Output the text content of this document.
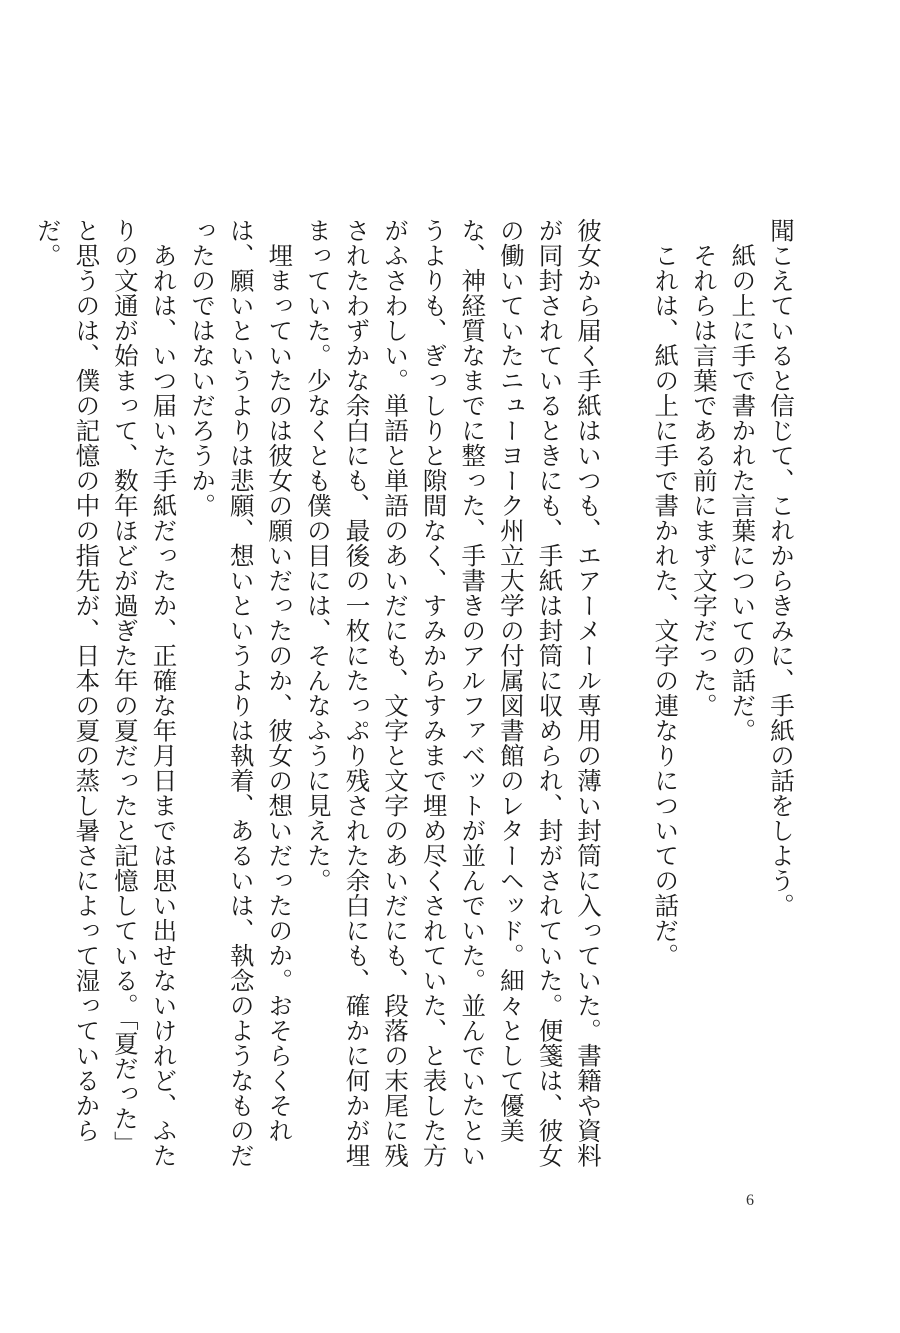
聞こえていると信じて、これからきみに、手紙の話をしよう。

紙の上に手で書かれた言葉についての話だ。

それらは言葉である前にまず文字だった。

これは、紙の上に手で書かれた、文字の連なりについての話だ。

彼女から届く手紙はいつも、エアーメール専用の薄い封筒に入っていた。書籍や資料が同封されているときにも、手紙は封筒に収められ、封がされていた。便箋は、彼女の働いていたニューヨーク州立大学の付属図書館のレターヘッド。細々として優美な、神経質なまでに整った、手書きのアルファベットが並んでいた。並んでいたというよりも、ぎっしりと隙間なく、すみからすみまで埋め尽くされていた、と表した方がふさわしい。単語と単語のあいだにも、文字と文字のあいだにも、段落の末尾に残されたわずかな余白にも、最後の一枚にたっぷり残された余白にも、確かに何かが埋まっていた。少なくとも僕の目には、そんなふうに見えた。

埋まっていたのは彼女の願いだったのか、彼女の想いだったのか。おそらくそれは、願いというよりは悲願、想いというよりは執着、あるいは、執念のようなものだったのではないだろうか。

あれは、いつ届いた手紙だったか、正確な年月日までは思い出せないけれど、ふたりの文通が始まって、数年ほどが過ぎた年の夏だったと記憶している。「夏だった」と思うのは、僕の記憶の中の指先が、日本の夏の蒸し暑さによって湿っているからだ。

6
